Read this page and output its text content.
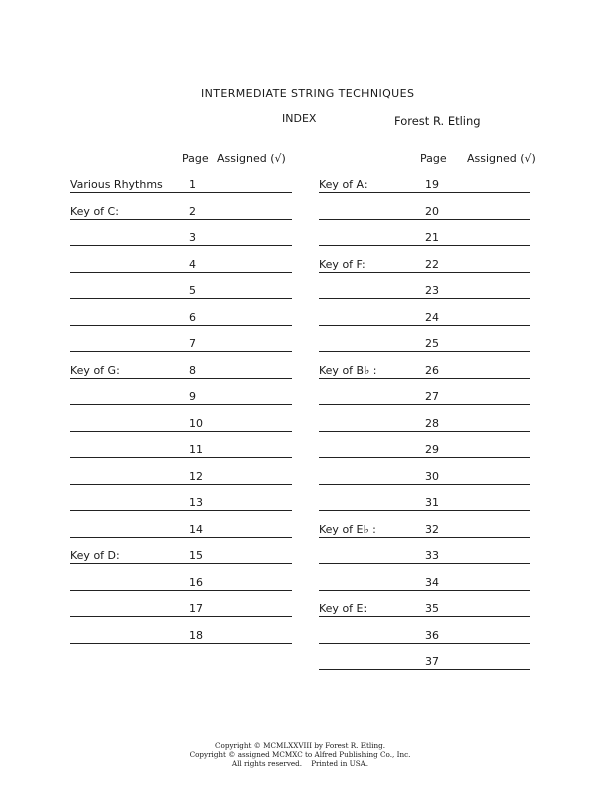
INTERMEDIATE STRING TECHNIQUES
INDEX	Forest R. Etling
Page Assigned (√)	Page Assigned (√)
Various Rhythms 1
Key of C:	2
3
4
5
6
7
Key of G:	8
9
10
11
12
13
14
Key of D:	15
16
17
18
Key of A:	19
20
21
Key of F:	22
23
24
25
Key of B♭ :	26
27
28
29
30
31
Key of E♭ :	32
33
34
Key of E:	35
36
37
Copyright © MCMLXXVIII by Forest R. Etling.
Copyright © assigned MCMXC to Alfred Publishing Co., Inc.
All rights reserved.    Printed in USA.
